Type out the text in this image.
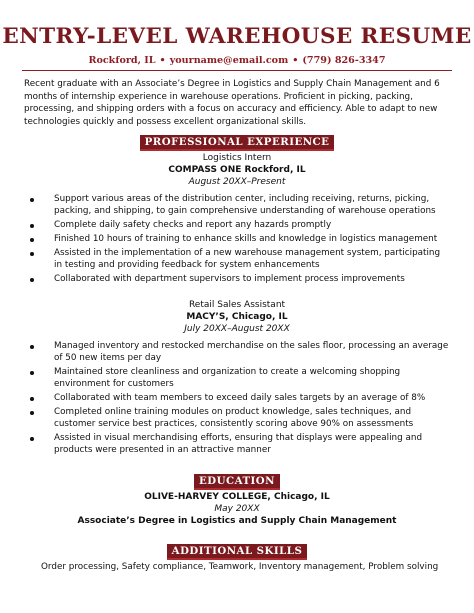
ENTRY-LEVEL WAREHOUSE RESUME
Rockford, IL • yourname@email.com • (779) 826-3347

Recent graduate with an Associate’s Degree in Logistics and Supply Chain Management and 6 months of internship experience in warehouse operations. Proficient in picking, packing, processing, and shipping orders with a focus on accuracy and efficiency. Able to adapt to new technologies quickly and possess excellent organizational skills.

PROFESSIONAL EXPERIENCE
Logistics Intern
COMPASS ONE Rockford, IL
August 20XX–Present
Support various areas of the distribution center, including receiving, returns, picking, packing, and shipping, to gain comprehensive understanding of warehouse operations
Complete daily safety checks and report any hazards promptly
Finished 10 hours of training to enhance skills and knowledge in logistics management
Assisted in the implementation of a new warehouse management system, participating in testing and providing feedback for system enhancements
Collaborated with department supervisors to implement process improvements
Retail Sales Assistant
MACY’S, Chicago, IL
July 20XX–August 20XX
Managed inventory and restocked merchandise on the sales floor, processing an average of 50 new items per day
Maintained store cleanliness and organization to create a welcoming shopping environment for customers
Collaborated with team members to exceed daily sales targets by an average of 8%
Completed online training modules on product knowledge, sales techniques, and customer service best practices, consistently scoring above 90% on assessments
Assisted in visual merchandising efforts, ensuring that displays were appealing and products were presented in an attractive manner
EDUCATION
OLIVE-HARVEY COLLEGE, Chicago, IL
May 20XX
Associate’s Degree in Logistics and Supply Chain Management
ADDITIONAL SKILLS
Order processing, Safety compliance, Teamwork, Inventory management, Problem solving
